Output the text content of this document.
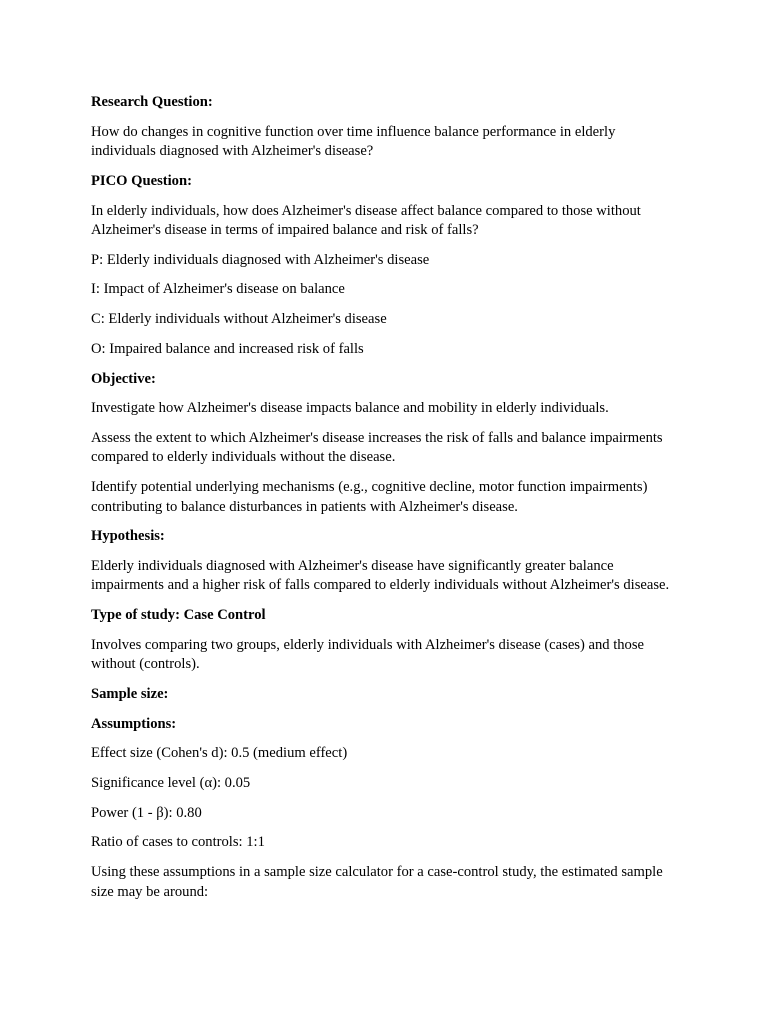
Research Question:

How do changes in cognitive function over time influence balance performance in elderly individuals diagnosed with Alzheimer's disease?

PICO Question:

In elderly individuals, how does Alzheimer's disease affect balance compared to those without Alzheimer's disease in terms of impaired balance and risk of falls?

P: Elderly individuals diagnosed with Alzheimer's disease

I: Impact of Alzheimer's disease on balance

C: Elderly individuals without Alzheimer's disease

O: Impaired balance and increased risk of falls

Objective:

Investigate how Alzheimer's disease impacts balance and mobility in elderly individuals.

Assess the extent to which Alzheimer's disease increases the risk of falls and balance impairments compared to elderly individuals without the disease.

Identify potential underlying mechanisms (e.g., cognitive decline, motor function impairments) contributing to balance disturbances in patients with Alzheimer's disease.

Hypothesis:

Elderly individuals diagnosed with Alzheimer's disease have significantly greater balance impairments and a higher risk of falls compared to elderly individuals without Alzheimer's disease.

Type of study: Case Control

Involves comparing two groups, elderly individuals with Alzheimer's disease (cases) and those without (controls).

Sample size:

Assumptions:

Effect size (Cohen's d): 0.5 (medium effect)

Significance level (α): 0.05

Power (1 - β): 0.80

Ratio of cases to controls: 1:1

Using these assumptions in a sample size calculator for a case-control study, the estimated sample size may be around:
